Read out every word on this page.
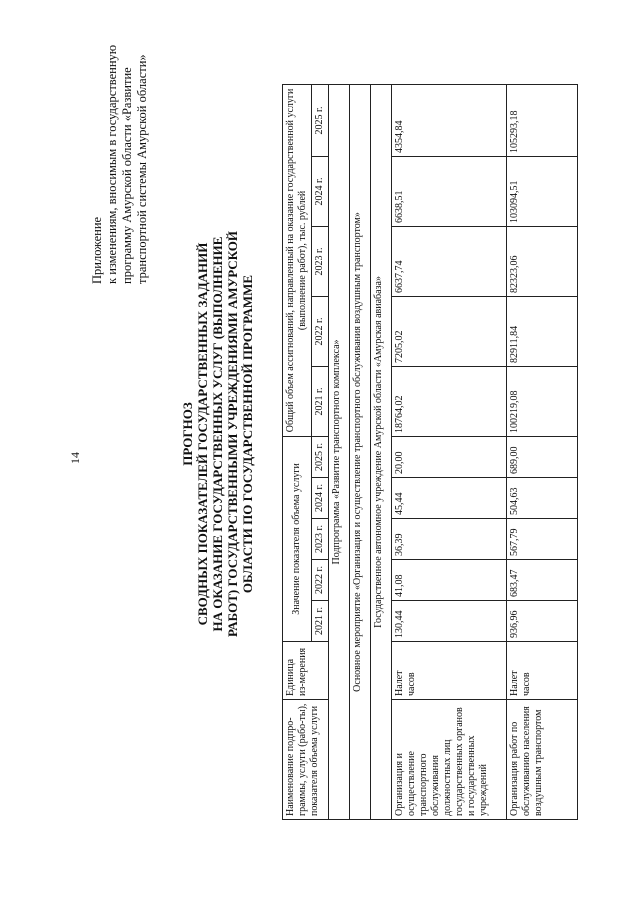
14
Приложение к изменениям, вносимым в государственную программу Амурской области «Развитие транспортной системы Амурской области»
ПРОГНОЗ СВОДНЫХ ПОКАЗАТЕЛЕЙ ГОСУДАРСТВЕННЫХ ЗАДАНИЙ НА ОКАЗАНИЕ ГОСУДАРСТВЕННЫХ УСЛУГ (ВЫПОЛНЕНИЕ РАБОТ) ГОСУДАРСТВЕННЫМИ УЧРЕЖДЕНИЯМИ АМУРСКОЙ ОБЛАСТИ ПО ГОСУДАРСТВЕННОЙ ПРОГРАММЕ
Наименование подпро-граммы, услуги (рабо-ты), показателя объема услуги	Единица из-мерения	Значение показателя объема услуги					Общий объем ассигнований, направленный на оказание государственной услуги (выполнение работ), тыс. рублей				
		2021 г.	2022 г.	2023 г.	2024 г.	2025 г.	2021 г.	2022 г.	2023 г.	2024 г.	2025 г.
Подпрограмма «Развитие транспортного комплекса»											
Основное мероприятие «Организация и осуществление транспортного обслуживания воздушным транспортом»											
Государственное автономное учреждение Амурской области «Амурская авиабаза»											
Организация и осуществление транспортного обслуживания должностных лиц государственных органов и государственных учреждений	Налет часов	130,44	41,08	36,39	45,44	20,00	18764,02	7205,02	6637,74	6638,51	4354,84
Организация работ по обслуживанию населения воздушным транспортом	Налет часов	936,96	683,47	567,79	504,63	689,00	100219,08	82911,84	82323,06	103094,51	105293,18
